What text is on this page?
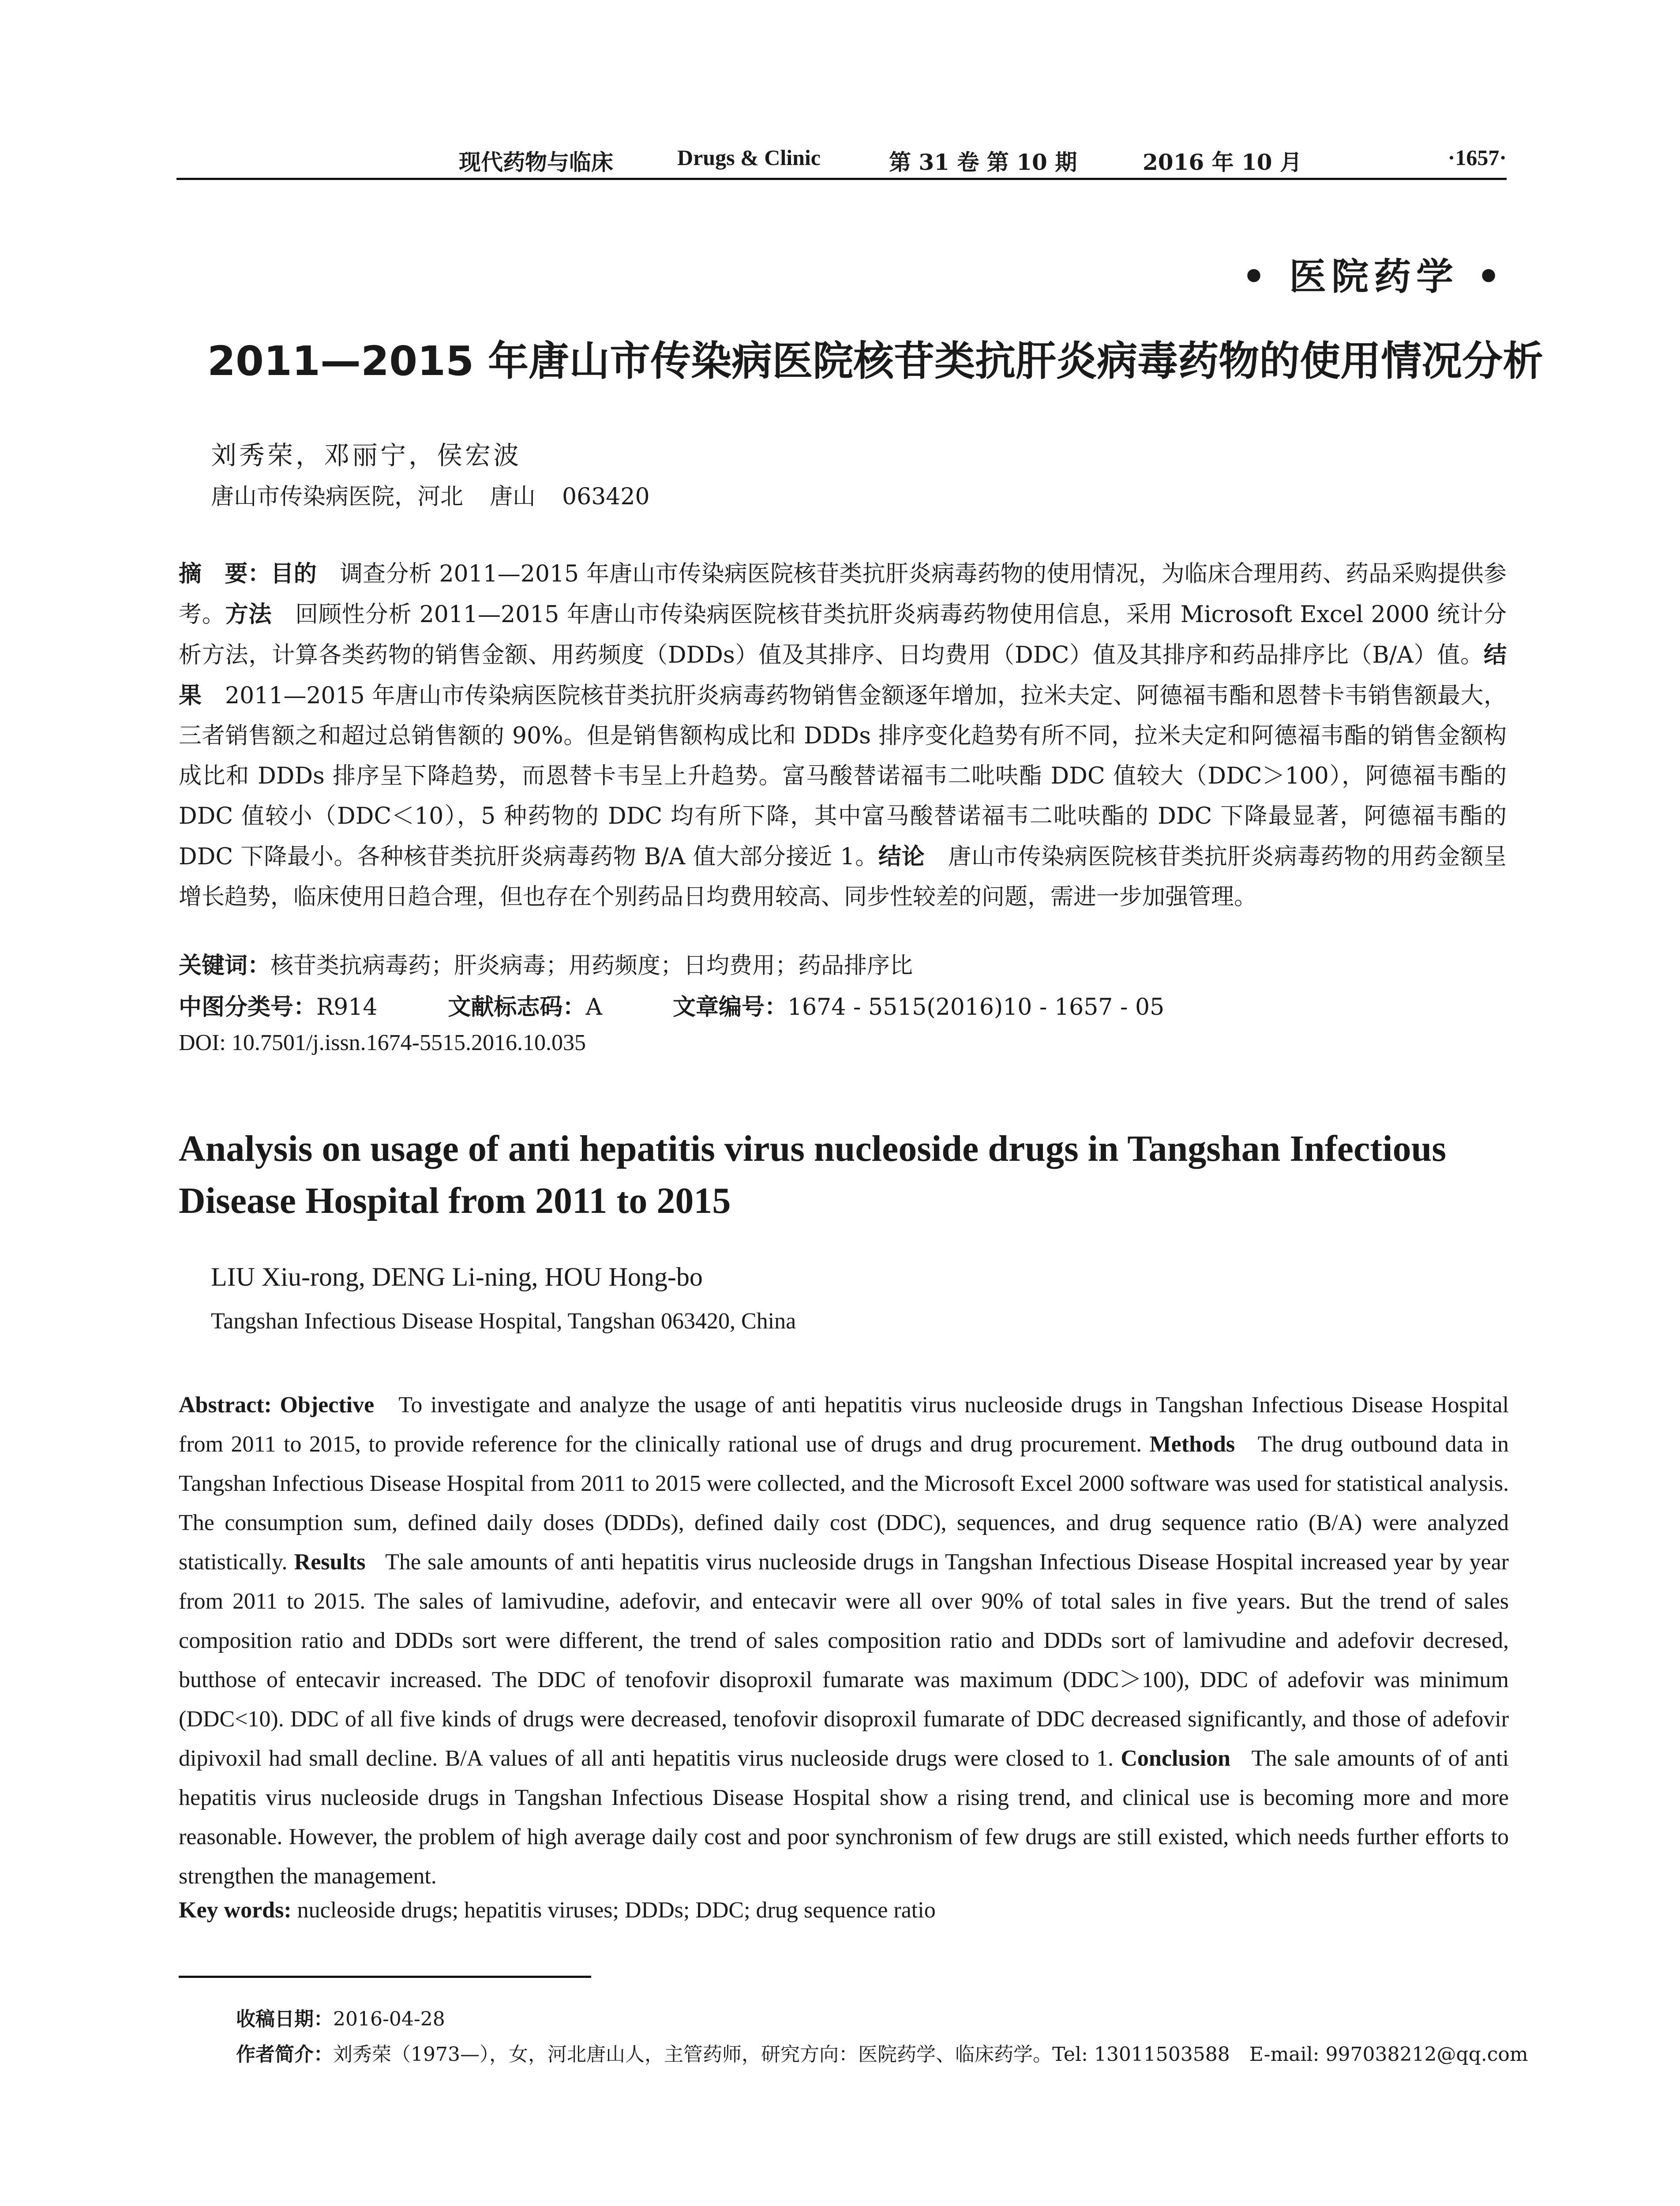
现代药物与临床	Drugs & Clinic	第 31 卷 第 10 期	2016 年 10 月	·1657·
• 医院药学 •
2011—2015 年唐山市传染病医院核苷类抗肝炎病毒药物的使用情况分析
刘秀荣，邓丽宁，侯宏波
唐山市传染病医院，河北 唐山 063420
摘　要：目的　 调查分析 2011—2015 年唐山市传染病医院核苷类抗肝炎病毒药物的使用情况，为临床合理用药、药品采购提供参考。方法　 回顾性分析 2011—2015 年唐山市传染病医院核苷类抗肝炎病毒药物使用信息，采用 Microsoft Excel 2000 统计分析方法，计算各类药物的销售金额、用药频度（DDDs）值及其排序、日均费用（DDC）值及其排序和药品排序比（B/A）值。结果　 2011—2015 年唐山市传染病医院核苷类抗肝炎病毒药物销售金额逐年增加，拉米夫定、阿德福韦酯和恩替卡韦销售额最大，三者销售额之和超过总销售额的 90%。但是销售额构成比和 DDDs 排序变化趋势有所不同，拉米夫定和阿德福韦酯的销售金额构成比和 DDDs 排序呈下降趋势，而恩替卡韦呈上升趋势。富马酸替诺福韦二吡呋酯 DDC 值较大（DDC＞100），阿德福韦酯的 DDC 值较小（DDC＜10），5 种药物的 DDC 均有所下降，其中富马酸替诺福韦二吡呋酯的 DDC 下降最显著，阿德福韦酯的 DDC 下降最小。各种核苷类抗肝炎病毒药物 B/A 值大部分接近 1。结论　 唐山市传染病医院核苷类抗肝炎病毒药物的用药金额呈增长趋势，临床使用日趋合理，但也存在个别药品日均费用较高、同步性较差的问题，需进一步加强管理。
关键词：核苷类抗病毒药；肝炎病毒；用药频度；日均费用；药品排序比
中图分类号：R914	文献标志码：A	文章编号：1674 - 5515(2016)10 - 1657 - 05
DOI: 10.7501/j.issn.1674-5515.2016.10.035
Analysis on usage of anti hepatitis virus nucleoside drugs in Tangshan Infectious Disease Hospital from 2011 to 2015
LIU Xiu-rong, DENG Li-ning, HOU Hong-bo
Tangshan Infectious Disease Hospital, Tangshan 063420, China
Abstract: Objective To investigate and analyze the usage of anti hepatitis virus nucleoside drugs in Tangshan Infectious Disease Hospital from 2011 to 2015, to provide reference for the clinically rational use of drugs and drug procurement. Methods The drug outbound data in Tangshan Infectious Disease Hospital from 2011 to 2015 were collected, and the Microsoft Excel 2000 software was used for statistical analysis. The consumption sum, defined daily doses (DDDs), defined daily cost (DDC), sequences, and drug sequence ratio (B/A) were analyzed statistically. Results The sale amounts of anti hepatitis virus nucleoside drugs in Tangshan Infectious Disease Hospital increased year by year from 2011 to 2015. The sales of lamivudine, adefovir, and entecavir were all over 90% of total sales in five years. But the trend of sales composition ratio and DDDs sort were different, the trend of sales composition ratio and DDDs sort of lamivudine and adefovir decresed, butthose of entecavir increased. The DDC of tenofovir disoproxil fumarate was maximum (DDC＞100), DDC of adefovir was minimum (DDC<10). DDC of all five kinds of drugs were decreased, tenofovir disoproxil fumarate of DDC decreased significantly, and those of adefovir dipivoxil had small decline. B/A values of all anti hepatitis virus nucleoside drugs were closed to 1. Conclusion The sale amounts of of anti hepatitis virus nucleoside drugs in Tangshan Infectious Disease Hospital show a rising trend, and clinical use is becoming more and more reasonable. However, the problem of high average daily cost and poor synchronism of few drugs are still existed, which needs further efforts to strengthen the management.
Key words: nucleoside drugs; hepatitis viruses; DDDs; DDC; drug sequence ratio
收稿日期：2016-04-28
作者简介：刘秀荣（1973—），女，河北唐山人，主管药师，研究方向：医院药学、临床药学。Tel: 13011503588　E-mail: 997038212@qq.com
